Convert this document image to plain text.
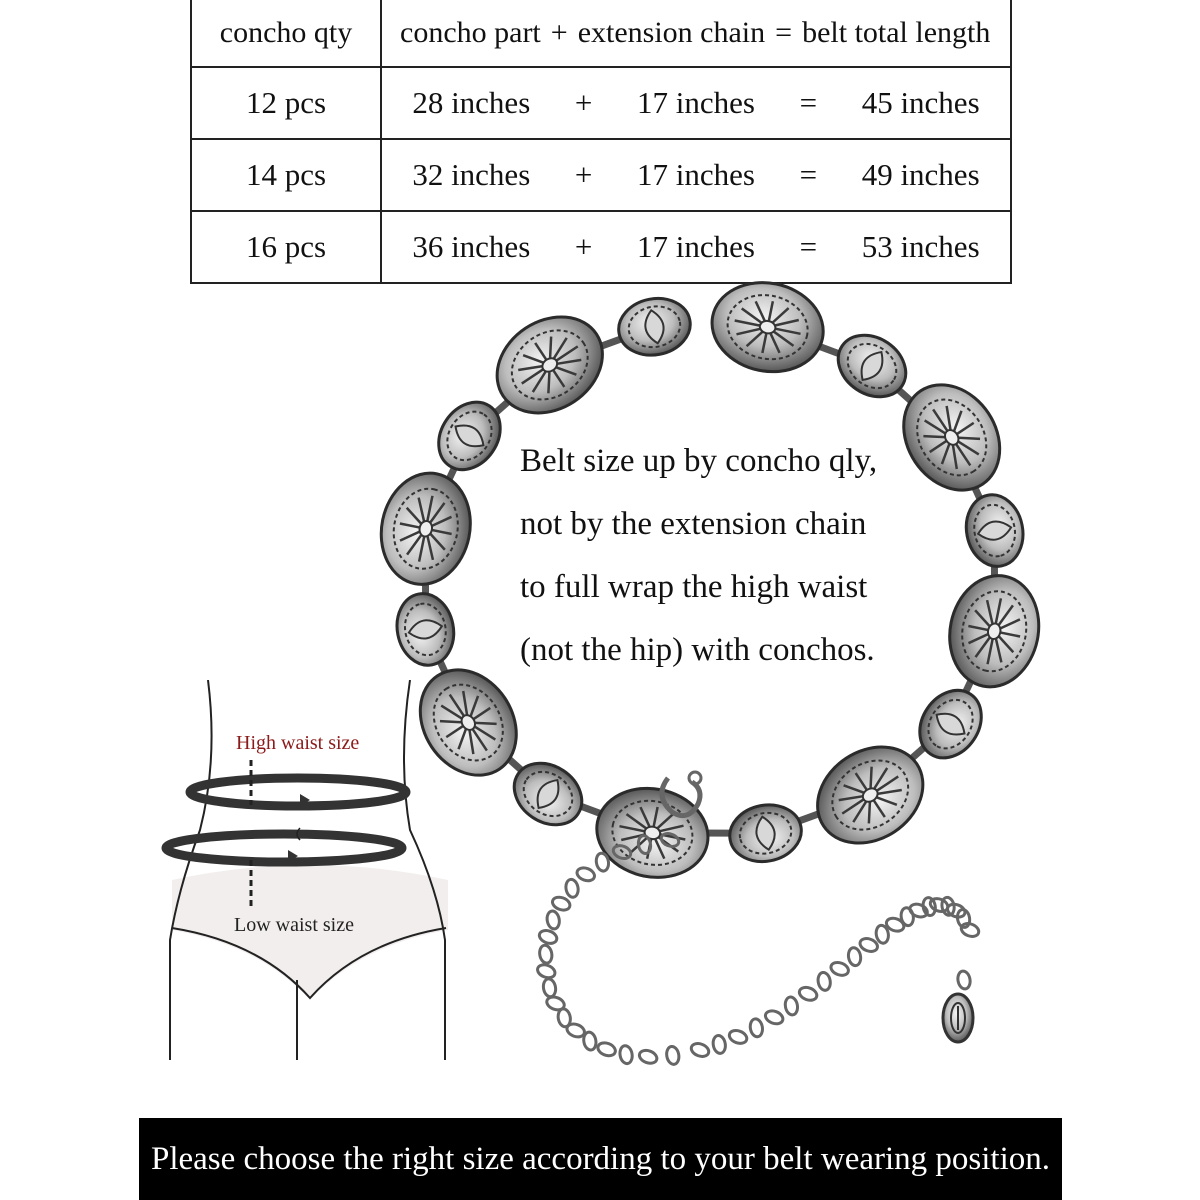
concho qty	concho part + extension chain = belt total length

12 pcs	28 inches + 17 inches = 45 inches

14 pcs	32 inches + 17 inches = 49 inches

16 pcs	36 inches + 17 inches = 53 inches
Belt size up by concho qly,
not by the extension chain
to full wrap the high waist
(not the hip) with conchos.
High waist size
Low waist size
Please choose the right size according to your belt wearing position.
